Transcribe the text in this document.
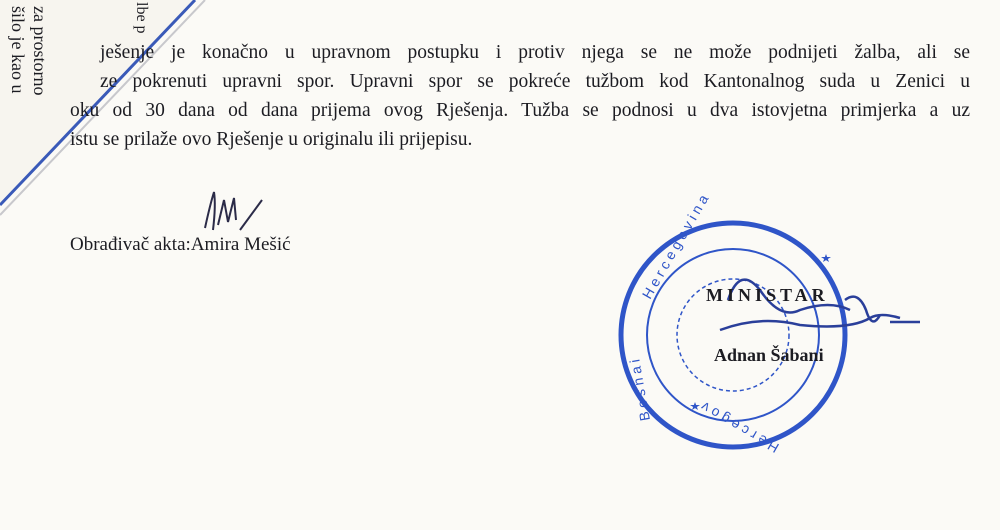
H e r c e g o v i n a
B o s n a i
H e r c e g o v
za prostorno
šilo je kao u	lbe p
ješenje je konačno u upravnom postupku i protiv njega se ne može podnijeti žalba, ali se
ze pokrenuti upravni spor. Upravni spor se pokreće tužbom kod Kantonalnog suda u Zenici u
oku od 30 dana od dana prijema ovog Rješenja. Tužba se podnosi u dva istovjetna primjerka a uz
istu se prilaže ovo Rješenje u originalu ili prijepisu.
Obrađivač akta:Amira Mešić
MINISTAR
Adnan Šabani
